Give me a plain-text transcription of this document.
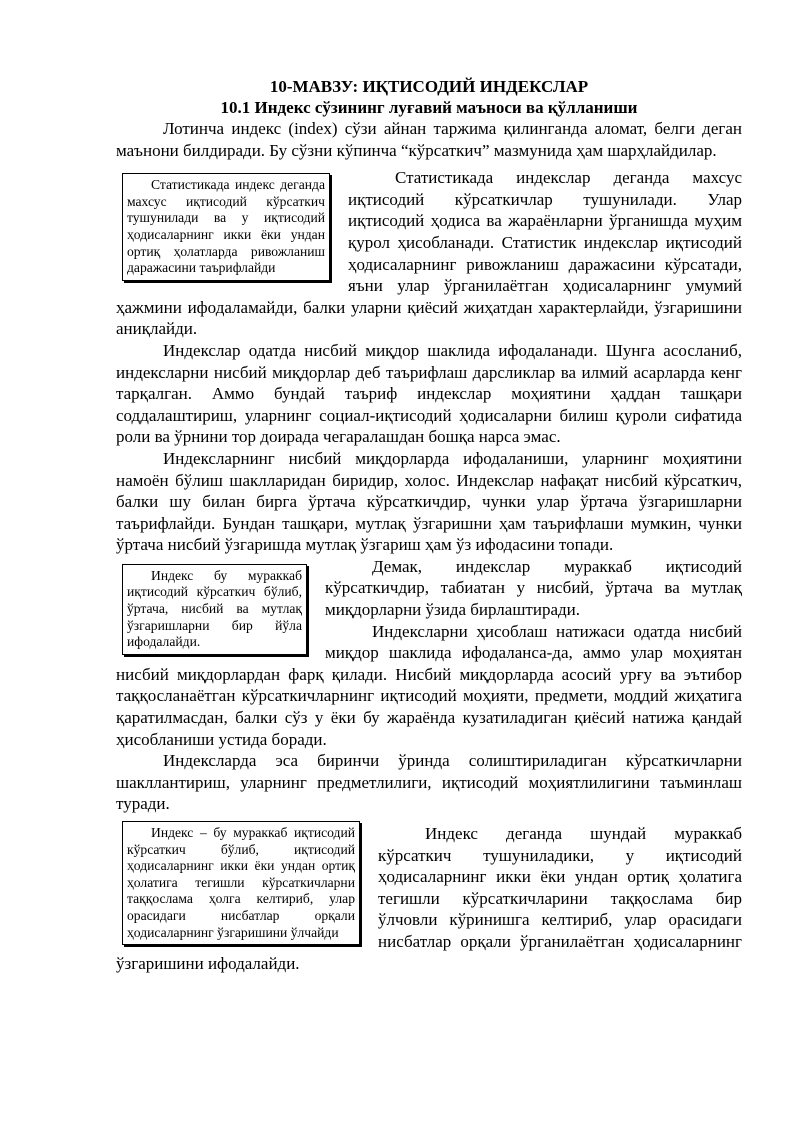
10-МАВЗУ: ИҚТИСОДИЙ ИНДЕКСЛАР
10.1 Индекс сўзининг луғавий маъноси ва қўлланиши

Лотинча индекс (index) сўзи айнан таржима қилинганда аломат, белги деган маънони билдиради. Бу сўзни кўпинча “кўрсаткич” мазмунида ҳам шарҳлайдилар.

Статистикада индекс деганда махсус иқтисодий кўрсаткич тушунилади ва у иқтисодий ҳодисаларнинг икки ёки ундан ортиқ ҳолатларда ривожланиш даражасини таърифлайди

Статистикада индекслар деганда махсус иқтисодий кўрсаткичлар тушунилади. Улар иқтисодий ҳодиса ва жараёнларни ўрганишда муҳим қурол ҳисобланади. Статистик индекслар иқтисодий ҳодисаларнинг ривожланиш даражасини кўрсатади, яъни улар ўрганилаётган ҳодисаларнинг умумий ҳажмини ифодаламайди, балки уларни қиёсий жиҳатдан характерлайди, ўзгаришини аниқлайди.

Индекслар одатда нисбий миқдор шаклида ифодаланади. Шунга асосланиб, индексларни нисбий миқдорлар деб таърифлаш дарсликлар ва илмий асарларда кенг тарқалган. Аммо бундай таъриф индекслар моҳиятини ҳаддан ташқари соддалаштириш, уларнинг социал-иқтисодий ҳодисаларни билиш қуроли сифатида роли ва ўрнини тор доирада чегаралашдан бошқа нарса эмас.

Индексларнинг нисбий миқдорларда ифодаланиши, уларнинг моҳиятини намоён бўлиш шаклларидан биридир, холос. Индекслар нафақат нисбий кўрсаткич, балки шу билан бирга ўртача кўрсаткичдир, чунки улар ўртача ўзгаришларни таърифлайди. Бундан ташқари, мутлақ ўзгаришни ҳам таърифлаши мумкин, чунки ўртача нисбий ўзгаришда мутлақ ўзгариш ҳам ўз ифодасини топади.

Индекс бу мураккаб иқтисодий кўрсаткич бўлиб, ўртача, нисбий ва мутлақ ўзгаришларни бир йўла ифодалайди.

Демак, индекслар мураккаб иқтисодий кўрсаткичдир, табиатан у нисбий, ўртача ва мутлақ миқдорларни ўзида бирлаштиради.

Индексларни ҳисоблаш натижаси одатда нисбий миқдор шаклида ифодаланса-да, аммо улар моҳиятан нисбий миқдорлардан фарқ қилади. Нисбий миқдорларда асосий урғу ва эътибор таққосланаётган кўрсаткичларнинг иқтисодий моҳияти, предмети, моддий жиҳатига қаратилмасдан, балки сўз у ёки бу жараёнда кузатиладиган қиёсий натижа қандай ҳисобланиши устида боради.

Индексларда эса биринчи ўринда солиштириладиган кўрсаткичларни шакллантириш, уларнинг предметлилиги, иқтисодий моҳиятлилигини таъминлаш туради.

Индекс – бу мураккаб иқтисодий кўрсаткич бўлиб, иқтисодий ҳодисаларнинг икки ёки ундан ортиқ ҳолатига тегишли кўрсаткичларни таққослама ҳолга келтириб, улар орасидаги нисбатлар орқали ҳодисаларнинг ўзгаришини ўлчайди

Индекс деганда шундай мураккаб кўрсаткич тушуниладики, у иқтисодий ҳодисаларнинг икки ёки ундан ортиқ ҳолатига тегишли кўрсаткичларини таққослама бир ўлчовли кўринишга келтириб, улар орасидаги нисбатлар орқали ўрганилаётган ҳодисаларнинг ўзгаришини ифодалайди.
